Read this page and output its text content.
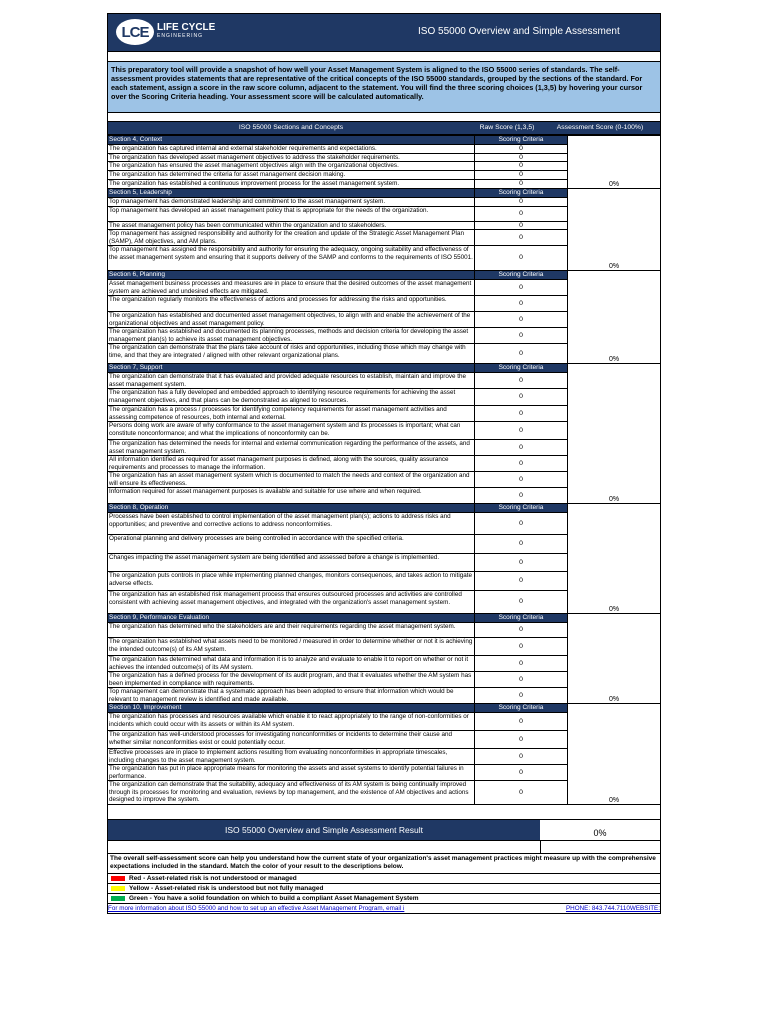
LCE LIFE CYCLE
ENGINEERING	ISO 55000 Overview and Simple Assessment
This preparatory tool will provide a snapshot of how well your Asset Management System is aligned to the ISO 55000 series of standards. The self-assessment provides statements that are representative of the critical concepts of the ISO 55000 standards, grouped by the sections of the standard. For each statement, assign a score in the raw score column, adjacent to the statement. You will find the three scoring choices (1,3,5) by hovering your cursor over the Scoring Criteria heading. Your assessment score will be calculated automatically.
ISO 55000 Sections and Concepts	Raw Score (1,3,5)	Assessment Score (0-100%)
Section 4, Context	Scoring Criteria	0%
The organization has captured internal and external stakeholder requirements and expectations.	0	
The organization has developed asset management objectives to address the stakeholder requirements.	0	
The organization has ensured the asset management objectives align with the organizational objectives.	0	
The organization has determined the criteria for asset management decision making.	0	
The organization has established a continuous improvement process for the asset management system.	0	
Section 5, Leadership	Scoring Criteria	0%
Top management has demonstrated leadership and commitment to the asset management system.	0	
Top management has developed an asset management policy that is appropriate for the needs of the organization.	0	
The asset management policy has been communicated within the organization and to stakeholders.	0	
Top management has assigned responsibility and authority for the creation and update of the Strategic Asset Management Plan (SAMP), AM objectives, and AM plans.	0	
Top management has assigned the responsibility and authority for ensuring the adequacy, ongoing suitability and effectiveness of the asset management system and ensuring that it supports delivery of the SAMP and conforms to the requirements of ISO 55001.	0	
Section 6, Planning	Scoring Criteria	0%
Asset management business processes and measures are in place to ensure that the desired outcomes of the asset management system are achieved and undesired effects are mitigated.	0	
The organization regularly monitors the effectiveness of actions and processes for addressing the risks and opportunities.	0	
The organization has established and documented asset management objectives, to align with and enable the achievement of the organizational objectives and asset management policy.	0	
The organization has established and documented its planning processes, methods and decision criteria for developing the asset management plan(s) to achieve its asset management objectives.	0	
The organization can demonstrate that the plans take account of risks and opportunities, including those which may change with time, and that they are integrated / aligned with other relevant organizational plans.	0	
Section 7, Support	Scoring Criteria	0%
The organization can demonstrate that it has evaluated and provided adequate resources to establish, maintain and improve the asset management system.	0	
The organization has a fully developed and embedded approach to identifying resource requirements for achieving the asset management objectives, and that plans can be demonstrated as aligned to resources.	0	
The organization has a process / processes for identifying competency requirements for asset management activities and assessing competence of resources, both internal and external.	0	
Persons doing work are aware of why conformance to the asset management system and its processes is important; what can constitute nonconformance; and what the implications of nonconformity can be.	0	
The organization has determined the needs for internal and external communication regarding the performance of the assets, and asset management system.	0	
All information identified as required for asset management purposes is defined, along with the sources, quality assurance requirements and processes to manage the information.	0	
The organization has an asset management system which is documented to match the needs and context of the organization and will ensure its effectiveness.	0	
Information required for asset management purposes is available and suitable for use where and when required.	0	
Section 8, Operation	Scoring Criteria	0%
Processes have been established to control implementation of the asset management plan(s); actions to address risks and opportunities; and preventive and corrective actions to address nonconformities.	0	
Operational planning and delivery processes are being controlled in accordance with the specified criteria.	0	
Changes impacting the asset management system are being identified and assessed before a change is implemented.	0	
The organization puts controls in place while implementing planned changes, monitors consequences, and takes action to mitigate adverse effects.	0	
The organization has an established risk management process that ensures outsourced processes and activities are controlled consistent with achieving asset management objectives, and integrated with the organization's asset management system.	0	
Section 9, Performance Evaluation	Scoring Criteria	0%
The organization has determined who the stakeholders are and their requirements regarding the asset management system.	0	
The organization has established what assets need to be monitored / measured in order to determine whether or not it is achieving the intended outcome(s) of its AM system.	0	
The organization has determined what data and information it is to analyze and evaluate to enable it to report on whether or not it achieves the intended outcome(s) of its AM system.	0	
The organization has a defined process for the development of its audit program, and that it evaluates whether the AM system has been implemented in compliance with requirements.	0	
Top management can demonstrate that a systematic approach has been adopted to ensure that information which would be relevant to management review is identified and made available.	0	
Section 10, Improvement	Scoring Criteria	0%
The organization has processes and resources available which enable it to react appropriately to the range of non-conformities or incidents which could occur with its assets or within its AM system.	0	
The organization has well-understood processes for investigating nonconformities or incidents to determine their cause and whether similar nonconformities exist or could potentially occur.	0	
Effective processes are in place to implement actions resulting from evaluating nonconformities in appropriate timescales, including changes to the asset management system.	0	
The organization has put in place appropriate means for monitoring the assets and asset systems to identify potential failures in performance.	0	
The organization can demonstrate that the suitability, adequacy and effectiveness of its AM system is being continually improved through its processes for monitoring and evaluation, reviews by top management, and the existence of AM objectives and actions designed to improve the system.	0	
ISO 55000 Overview and Simple Assessment Result	0%
The overall self-assessment score can help you understand how the current state of your organization's asset management practices might measure up with the comprehensive expectations included in the standard. Match the color of your result to the descriptions below.
Red - Asset-related risk is not understood or managed
Yellow - Asset-related risk is understood but not fully managed
Green - You have a solid foundation on which to build a compliant Asset Management System
For more information about ISO 55000 and how to set up an effective Asset Management Program, email i	PHONE: 843.744.7110WEBSITE:
